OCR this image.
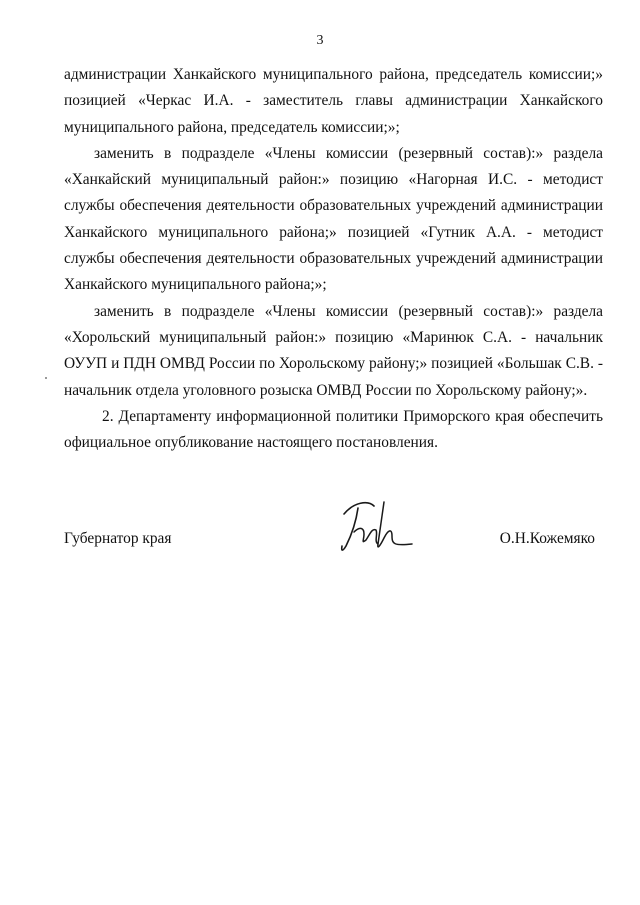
3

администрации Ханкайского муниципального района, председатель комиссии;» позицией «Черкас И.А. - заместитель главы администрации Ханкайского муниципального района, председатель комиссии;»;

заменить в подразделе «Члены комиссии (резервный состав):» раздела «Ханкайский муниципальный район:» позицию «Нагорная И.С. - методист службы обеспечения деятельности образовательных учреждений администрации Ханкайского муниципального района;» позицией «Гутник А.А. - методист службы обеспечения деятельности образовательных учреждений администрации Ханкайского муниципального района;»;

заменить в подразделе «Члены комиссии (резервный состав):» раздела «Хорольский муниципальный район:» позицию «Маринюк С.А. - начальник ОУУП и ПДН ОМВД России по Хорольскому району;» позицией «Большак С.В. - начальник отдела уголовного розыска ОМВД России по Хорольскому району;».

2. Департаменту информационной политики Приморского края обеспечить официальное опубликование настоящего постановления.

Губернатор края	О.Н.Кожемяко
